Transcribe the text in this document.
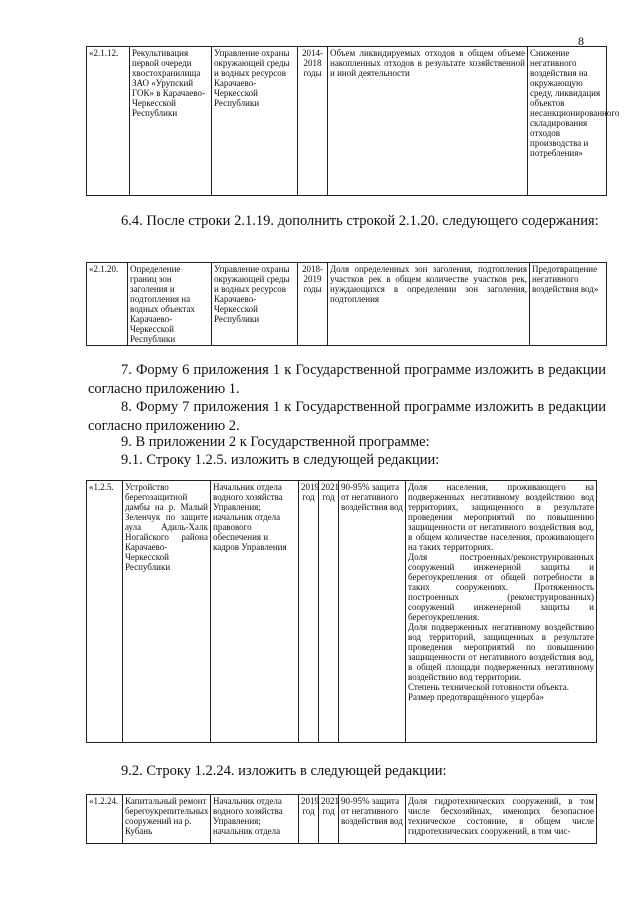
8
«2.1.12.	Рекультивация первой очереди хвостохранилища ЗАО «Урупский ГОК» в Карачаево-Черкесской Республики	Управление охраны окружающей среды и водных ресурсов Карачаево-Черкесской Республики	2014-2018 годы	Объем ликвидируемых отходов в общем объеме накопленных отходов в результате хозяйственной и иной деятельности	Снижение негативного воздействия на окружающую среду, ликвидация объектов несанкционированного складирования отходов производства и потребления»
6.4. После строки 2.1.19. дополнить строкой 2.1.20. следующего содержания:
«2.1.20.	Определение границ зон заголения и подтопления на водных объектах Карачаево-Черкесской Республики	Управление охраны окружающей среды и водных ресурсов Карачаево-Черкесской Республики	2018-2019 годы	Доля определенных зон заголения, подтопления участков рек в общем количестве участков рек, нуждающихся в определении зон заголения, подтопления	Предотвращение негативного воздействия вод»
7. Форму 6 приложения 1 к Государственной программе изложить в редакции согласно приложению 1.
8. Форму 7 приложения 1 к Государственной программе изложить в редакции согласно приложению 2.
9. В приложении 2 к Государственной программе:
9.1. Строку 1.2.5. изложить в следующей редакции:
«1.2.5.	Устройство берегозащитной дамбы на р. Малый Зеленчук по защите аула Адиль-Халк Ногайского района Карачаево-Черкесской Республики	Начальник отдела водного хозяйства Управления; начальник отдела правового обеспечения и кадров Управления	2019 год	2021 год	90-95% защита от негативного воздействия вод	
Доля населения, проживающего на подверженных негативному воздействию вод территориях, защищенного в результате проведения мероприятий по повышению защищенности от негативного воздействия вод, в общем количестве населения, проживающего на таких территориях.
Доля построенных/реконструированных сооружений инженерной защиты и берегоукрепления от общей потребности в таких сооружениях. Протяженность построенных (реконструированных) сооружений инженерной защиты и берегоукрепления.
Доля подверженных негативному воздействию вод территорий, защищенных в результате проведения мероприятий по повышению защищенности от негативного воздействия вод, в общей площади подверженных негативному воздействию вод территории.
Степень технической готовности объекта.
Размер предотвращённого ущерба»
9.2. Строку 1.2.24. изложить в следующей редакции:
«1.2.24.	Капитальный ремонт берегоукрепительных сооружений на р. Кубань	Начальник отдела водного хозяйства Управления; начальник отдела	2019 год	2021 год	90-95% защита от негативного воздействия вод	Доля гидротехнических сооружений, в том числе бесхозяйных, имеющих безопасное техническое состояние, в общем числе гидротехнических сооружений, в том чис-
